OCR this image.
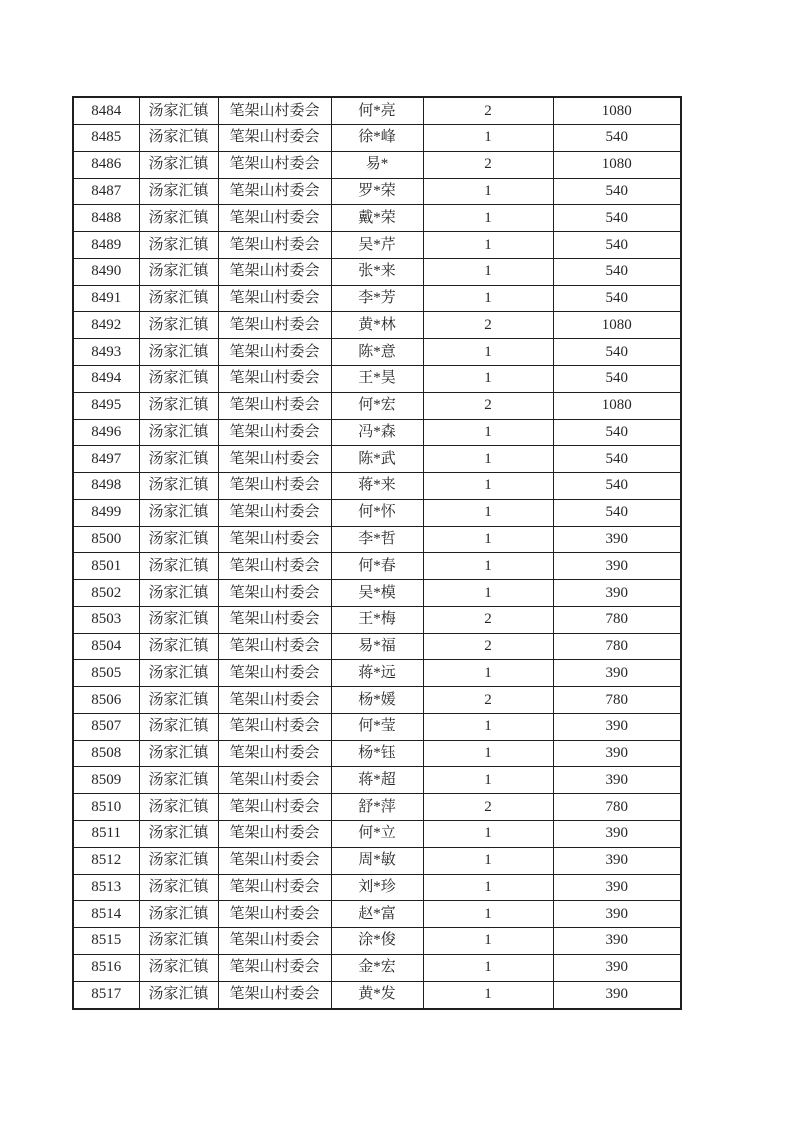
8484	汤家汇镇	笔架山村委会	何*亮	2	1080
8485	汤家汇镇	笔架山村委会	徐*峰	1	540
8486	汤家汇镇	笔架山村委会	易*	2	1080
8487	汤家汇镇	笔架山村委会	罗*荣	1	540
8488	汤家汇镇	笔架山村委会	戴*荣	1	540
8489	汤家汇镇	笔架山村委会	吴*芹	1	540
8490	汤家汇镇	笔架山村委会	张*来	1	540
8491	汤家汇镇	笔架山村委会	李*芳	1	540
8492	汤家汇镇	笔架山村委会	黄*林	2	1080
8493	汤家汇镇	笔架山村委会	陈*意	1	540
8494	汤家汇镇	笔架山村委会	王*昊	1	540
8495	汤家汇镇	笔架山村委会	何*宏	2	1080
8496	汤家汇镇	笔架山村委会	冯*森	1	540
8497	汤家汇镇	笔架山村委会	陈*武	1	540
8498	汤家汇镇	笔架山村委会	蒋*来	1	540
8499	汤家汇镇	笔架山村委会	何*怀	1	540
8500	汤家汇镇	笔架山村委会	李*哲	1	390
8501	汤家汇镇	笔架山村委会	何*春	1	390
8502	汤家汇镇	笔架山村委会	吴*模	1	390
8503	汤家汇镇	笔架山村委会	王*梅	2	780
8504	汤家汇镇	笔架山村委会	易*福	2	780
8505	汤家汇镇	笔架山村委会	蒋*远	1	390
8506	汤家汇镇	笔架山村委会	杨*媛	2	780
8507	汤家汇镇	笔架山村委会	何*莹	1	390
8508	汤家汇镇	笔架山村委会	杨*钰	1	390
8509	汤家汇镇	笔架山村委会	蒋*超	1	390
8510	汤家汇镇	笔架山村委会	舒*萍	2	780
8511	汤家汇镇	笔架山村委会	何*立	1	390
8512	汤家汇镇	笔架山村委会	周*敏	1	390
8513	汤家汇镇	笔架山村委会	刘*珍	1	390
8514	汤家汇镇	笔架山村委会	赵*富	1	390
8515	汤家汇镇	笔架山村委会	涂*俊	1	390
8516	汤家汇镇	笔架山村委会	金*宏	1	390
8517	汤家汇镇	笔架山村委会	黄*发	1	390
